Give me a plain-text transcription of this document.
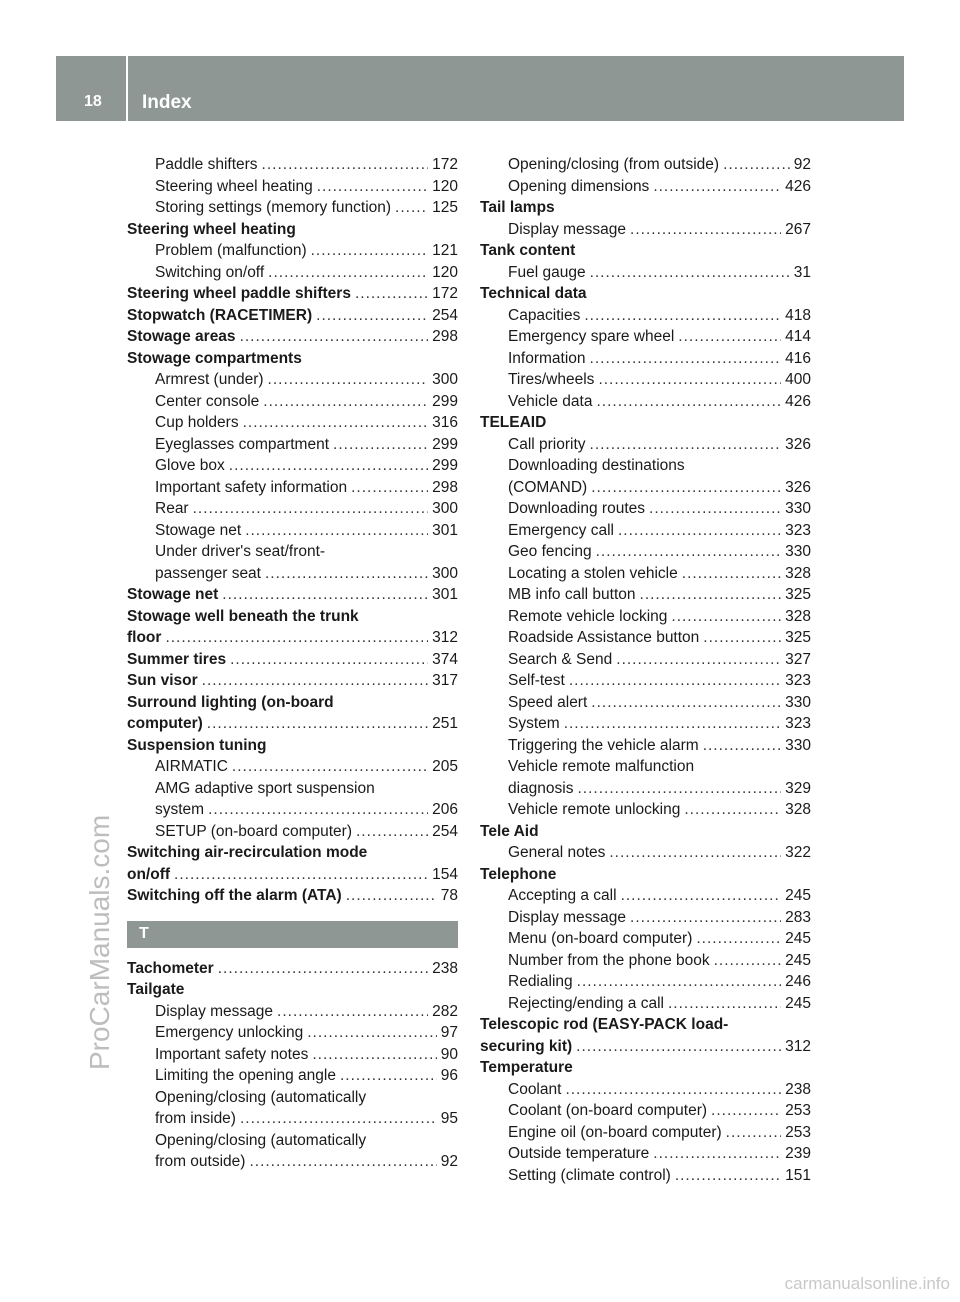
18 Index
Paddle shifters .....	172
Steering wheel heating .....	120
Storing settings (memory function) .....	125
Steering wheel heating
Problem (malfunction) .....	121
Switching on/off .....	120
Steering wheel paddle shifters .....	172
Stopwatch (RACETIMER) .....	254
Stowage areas .....	298
Stowage compartments
Armrest (under) .....	300
Center console .....	299
Cup holders .....	316
Eyeglasses compartment .....	299
Glove box .....	299
Important safety information .....	298
Rear .....	300
Stowage net .....	301
Under driver's seat/front-
passenger seat .....	300
Stowage net .....	301
Stowage well beneath the trunk
floor .....	312
Summer tires .....	374
Sun visor .....	317
Surround lighting (on-board
computer) .....	251
Suspension tuning
AIRMATIC .....	205
AMG adaptive sport suspension
system .....	206
SETUP (on-board computer) .....	254
Switching air-recirculation mode
on/off .....	154
Switching off the alarm (ATA) .....	78
T
Tachometer .....	238
Tailgate
Display message .....	282
Emergency unlocking .....	97
Important safety notes .....	90
Limiting the opening angle .....	96
Opening/closing (automatically
from inside) .....	95
Opening/closing (automatically
from outside) .....	92
Opening/closing (from outside) .....	92
Opening dimensions .....	426
Tail lamps
Display message .....	267
Tank content
Fuel gauge .....	31
Technical data
Capacities .....	418
Emergency spare wheel .....	414
Information .....	416
Tires/wheels .....	400
Vehicle data .....	426
TELEAID
Call priority .....	326
Downloading destinations
(COMAND) .....	326
Downloading routes .....	330
Emergency call .....	323
Geo fencing .....	330
Locating a stolen vehicle .....	328
MB info call button .....	325
Remote vehicle locking .....	328
Roadside Assistance button .....	325
Search & Send .....	327
Self-test .....	323
Speed alert .....	330
System .....	323
Triggering the vehicle alarm .....	330
Vehicle remote malfunction
diagnosis .....	329
Vehicle remote unlocking .....	328
Tele Aid
General notes .....	322
Telephone
Accepting a call .....	245
Display message .....	283
Menu (on-board computer) .....	245
Number from the phone book .....	245
Redialing .....	246
Rejecting/ending a call .....	245
Telescopic rod (EASY-PACK load-
securing kit) .....	312
Temperature
Coolant .....	238
Coolant (on-board computer) .....	253
Engine oil (on-board computer) .....	253
Outside temperature .....	239
Setting (climate control) .....	151
ProCarManuals.com
carmanualsonline.info
